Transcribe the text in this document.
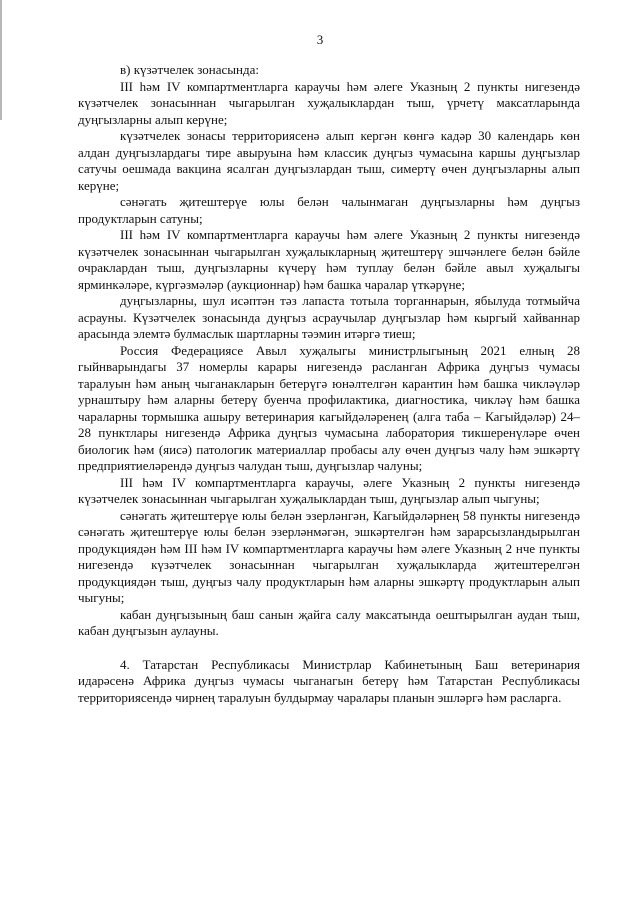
3

в) күзәтчелек зонасында:

III һәм IV компартментларга караучы һәм әлеге Указның 2 пункты нигезендә күзәтчелек зонасыннан чыгарылган хуҗалыклардан тыш, үрчетү максатларында дуңгызларны алып керүне;

күзәтчелек зонасы территориясенә алып кергән көнгә кадәр 30 календарь көн алдан дуңгызлардагы тире авыруына һәм классик дуңгыз чумасына каршы дуңгызлар сатучы оешмада вакцина ясалган дуңгызлардан тыш, симертү өчен дуңгызларны алып керүне;

сәнәгать җитештерүе юлы белән чалынмаган дуңгызларны һәм дуңгыз продуктларын сатуны;

III һәм IV компартментларга караучы һәм әлеге Указның 2 пункты нигезендә күзәтчелек зонасыннан чыгарылган хуҗалыкларның җитештерү эшчәнлеге белән бәйле очраклардан тыш, дуңгызларны күчерү һәм туплау белән бәйле авыл хуҗалыгы ярминкәләре, күргәзмәләр (аукционнар) һәм башка чаралар үткәрүне;

дуңгызларны, шул исәптән тәз лапаста тотыла торганнарын, ябылуда тотмыйча асрауны. Күзәтчелек зонасында дуңгыз асраучылар дуңгызлар һәм кыргый хайваннар арасында элемтә булмаслык шартларны тәэмин итәргә тиеш;

Россия Федерациясе Авыл хуҗалыгы министрлыгының 2021 елның 28 гыйнварындагы 37 номерлы карары нигезендә расланган Африка дуңгыз чумасы таралуын һәм аның чыганакларын бетерүгә юнәлтелгән карантин һәм башка чикләүләр урнаштыру һәм аларны бетерү буенча профилактика, диагностика, чикләү һәм башка чараларны тормышка ашыру ветеринария кагыйдәләренең (алга таба – Кагыйдәләр) 24–28 пунктлары нигезендә Африка дуңгыз чумасына лаборатория тикшеренүләре өчен биологик һәм (яисә) патологик материаллар пробасы алу өчен дуңгыз чалу һәм эшкәртү предприятиеләрендә дуңгыз чалудан тыш, дуңгызлар чалуны;

III һәм IV компартментларга караучы, әлеге Указның 2 пункты нигезендә күзәтчелек зонасыннан чыгарылган хуҗалыклардан тыш, дуңгызлар алып чыгуны;

сәнәгать җитештерүе юлы белән эзерләнгән, Кагыйдәләрнең 58 пункты нигезендә сәнәгать җитештерүе юлы белән эзерләнмәгән, эшкәртелгән һәм зарарсызландырылган продукциядән һәм III һәм IV компартментларга караучы һәм әлеге Указның 2 нче пункты нигезендә күзәтчелек зонасыннан чыгарылган хуҗалыкларда җитештерелгән продукциядән тыш, дуңгыз чалу продуктларын һәм аларны эшкәртү продуктларын алып чыгуны;

кабан дуңгызының баш санын җайга салу максатында оештырылган аудан тыш, кабан дуңгызын аулауны.

4. Татарстан Республикасы Министрлар Кабинетының Баш ветеринария идарәсенә Африка дуңгыз чумасы чыганагын бетерү һәм Татарстан Республикасы территориясендә чирнең таралуын булдырмау чаралары планын эшләргә һәм расларга.
